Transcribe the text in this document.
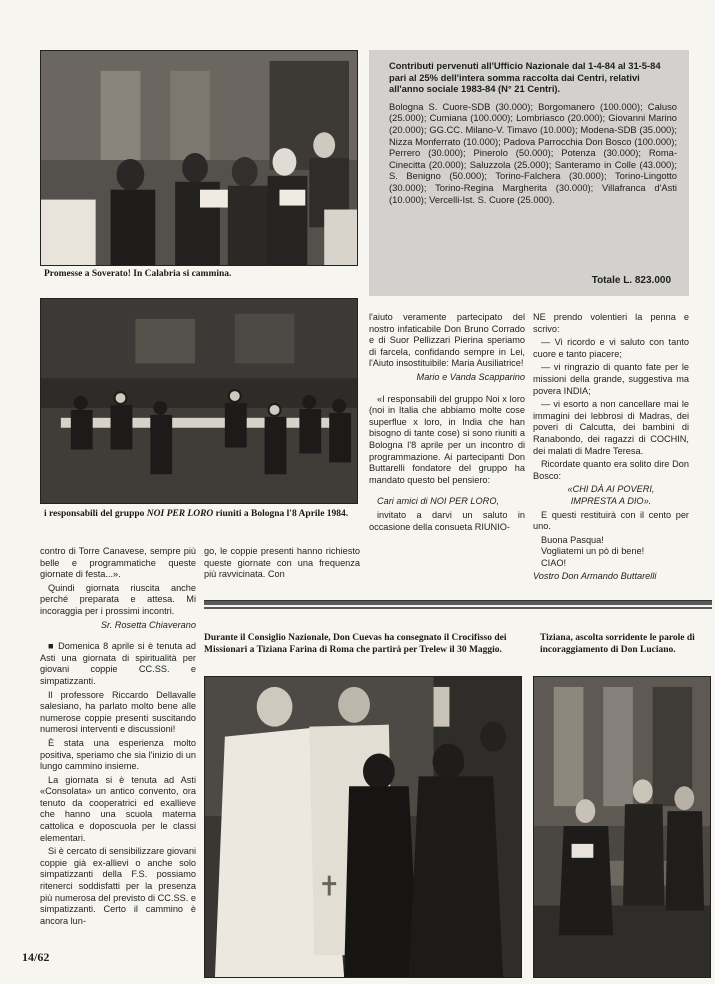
Promesse a Soverato! In Calabria si cammina.
Contributi pervenuti all'Ufficio Nazionale dal 1-4-84 al 31-5-84 pari al 25% dell'intera somma raccolta dai Centri, relativi all'anno sociale 1983-84 (N° 21 Centri).
Bologna S. Cuore-SDB (30.000); Borgomanero (100.000); Caluso (25.000); Cumiana (100.000); Lombriasco (20.000); Giovanni Marino (20.000); GG.CC. Milano-V. Timavo (10.000); Modena-SDB (35.000); Nizza Monferrato (10.000); Padova Parrocchia Don Bosco (100.000); Perrero (30.000); Pinerolo (50.000); Potenza (30.000); Roma-Cinecitta (20.000); Saluzzola (25.000); Santeramo in Colle (43.000); S. Benigno (50.000); Torino-Falchera (30.000); Torino-Lingotto (30.000); Torino-Regina Margherita (30.000); Villafranca d'Asti (10.000); Vercelli-Ist. S. Cuore (25.000).
Totale L. 823.000
i responsabili del gruppo NOI PER LORO riuniti a Bologna l'8 Aprile 1984.

l'aiuto veramente partecipato del nostro infaticabile Don Bruno Corrado e di Suor Pellizzari Pierina speriamo di farcela, confidando sempre in Lei, l'Aiuto insostituibile: Maria Ausiliatrice!

Mario e Vanda Scapparino

«I responsabili del gruppo Noi x loro (noi in Italia che abbiamo molte cose superflue x loro, in India che han bisogno di tante cose) si sono riuniti a Bologna l'8 aprile per un incontro di programmazione. Ai partecipanti Don Buttarelli fondatore del gruppo ha mandato questo bel pensiero:

Cari amici di NOI PER LORO,

invitato a darvi un saluto in occasione della consueta RIUNIO-

NE prendo volentieri la penna e scrivo:

— Vi ricordo e vi saluto con tanto cuore e tanto piacere;

— vi ringrazio di quanto fate per le missioni della grande, suggestiva ma povera INDIA;

— vi esorto a non cancellare mai le immagini dei lebbrosi di Madras, dei poveri di Calcutta, dei bambini di Ranabondo, dei ragazzi di COCHIN, dei malati di Madre Teresa.

Ricordate quanto era solito dire Don Bosco:

«CHI DÀ AI POVERI,

IMPRESTA A DIO».

E questi restituirà con il cento per uno.

Buona Pasqua!

Vogliatemi un pò di bene!

CIAO!

Vostro Don Armando Buttarelli

contro di Torre Canavese, sempre più belle e programmatiche queste giornate di festa...».

Quindi giornata riuscita anche perché preparata e attesa. Mi incoraggia per i prossimi incontri.

Sr. Rosetta Chiaverano

■ Domenica 8 aprile si è tenuta ad Asti una giornata di spiritualità per giovani coppie CC.SS. e simpatizzanti.

Il professore Riccardo Dellavalle salesiano, ha parlato molto bene alle numerose coppie presenti suscitando numerosi interventi e discussioni!

È stata una esperienza molto positiva, speriamo che sia l'inizio di un lungo cammino insieme.

La giornata si è tenuta ad Asti «Consolata» un antico convento, ora tenuto da cooperatrici ed exallieve che hanno una scuola materna cattolica e doposcuola per le classi elementari.

Si è cercato di sensibilizzare giovani coppie già ex-allievi o anche solo simpatizzanti della F.S. possiamo ritenerci soddisfatti per la presenza più numerosa del previsto di CC.SS. e simpatizzanti. Certo il cammino è ancora lun-

go, le coppie presenti hanno richiesto queste giornate con una frequenza più ravvicinata. Con

Durante il Consiglio Nazionale, Don Cuevas ha consegnato il Crocifisso dei Missionari a Tiziana Farina di Roma che partirà per Trelew il 30 Maggio.
Tiziana, ascolta sorridente le parole di incoraggiamento di Don Luciano.
14/62
